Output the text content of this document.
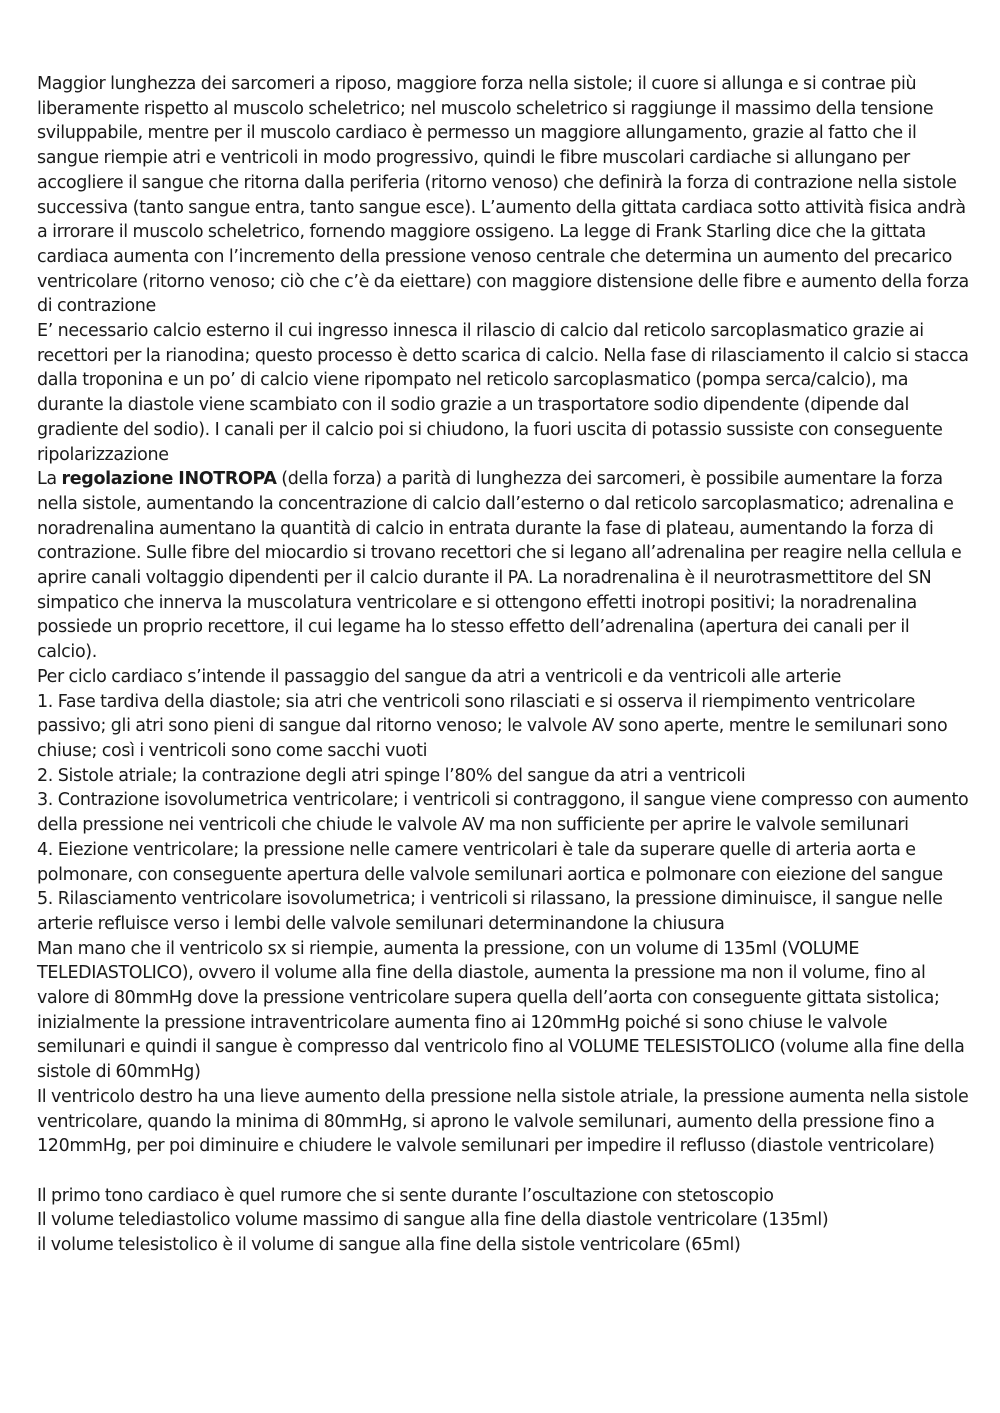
Maggior lunghezza dei sarcomeri a riposo, maggiore forza nella sistole; il cuore si allunga e si contrae più liberamente rispetto al muscolo scheletrico; nel muscolo scheletrico si raggiunge il massimo della tensione sviluppabile, mentre per il muscolo cardiaco è permesso un maggiore allungamento, grazie al fatto che il sangue riempie atri e ventricoli in modo progressivo, quindi le fibre muscolari cardiache si allungano per accogliere il sangue che ritorna dalla periferia (ritorno venoso) che definirà la forza di contrazione nella sistole successiva (tanto sangue entra, tanto sangue esce). L’aumento della gittata cardiaca sotto attività fisica andrà a irrorare il muscolo scheletrico, fornendo maggiore ossigeno. La legge di Frank Starling dice che la gittata cardiaca aumenta con l’incremento della pressione venoso centrale che determina un aumento del precarico ventricolare (ritorno venoso; ciò che c’è da eiettare) con maggiore distensione delle fibre e aumento della forza di contrazione

E’ necessario calcio esterno il cui ingresso innesca il rilascio di calcio dal reticolo sarcoplasmatico grazie ai recettori per la rianodina; questo processo è detto scarica di calcio. Nella fase di rilasciamento il calcio si stacca dalla troponina e un po’ di calcio viene ripompato nel reticolo sarcoplasmatico (pompa serca/calcio), ma durante la diastole viene scambiato con il sodio grazie a un trasportatore sodio dipendente (dipende dal gradiente del sodio). I canali per il calcio poi si chiudono, la fuori uscita di potassio sussiste con conseguente ripolarizzazione

La regolazione INOTROPA (della forza) a parità di lunghezza dei sarcomeri, è possibile aumentare la forza nella sistole, aumentando la concentrazione di calcio dall’esterno o dal reticolo sarcoplasmatico; adrenalina e noradrenalina aumentano la quantità di calcio in entrata durante la fase di plateau, aumentando la forza di contrazione. Sulle fibre del miocardio si trovano recettori che si legano all’adrenalina per reagire nella cellula e aprire canali voltaggio dipendenti per il calcio durante il PA. La noradrenalina è il neurotrasmettitore del SN simpatico che innerva la muscolatura ventricolare e si ottengono effetti inotropi positivi; la noradrenalina possiede un proprio recettore, il cui legame ha lo stesso effetto dell’adrenalina (apertura dei canali per il calcio).

Per ciclo cardiaco s’intende il passaggio del sangue da atri a ventricoli e da ventricoli alle arterie

1. Fase tardiva della diastole; sia atri che ventricoli sono rilasciati e si osserva il riempimento ventricolare passivo; gli atri sono pieni di sangue dal ritorno venoso; le valvole AV sono aperte, mentre le semilunari sono chiuse; così i ventricoli sono come sacchi vuoti

2. Sistole atriale; la contrazione degli atri spinge l’80% del sangue da atri a ventricoli

3. Contrazione isovolumetrica ventricolare; i ventricoli si contraggono, il sangue viene compresso con aumento della pressione nei ventricoli che chiude le valvole AV ma non sufficiente per aprire le valvole semilunari

4. Eiezione ventricolare; la pressione nelle camere ventricolari è tale da superare quelle di arteria aorta e polmonare, con conseguente apertura delle valvole semilunari aortica e polmonare con eiezione del sangue

5. Rilasciamento ventricolare isovolumetrica; i ventricoli si rilassano, la pressione diminuisce, il sangue nelle arterie refluisce verso i lembi delle valvole semilunari determinandone la chiusura

Man mano che il ventricolo sx si riempie, aumenta la pressione, con un volume di 135ml (VOLUME TELEDIASTOLICO), ovvero il volume alla fine della diastole, aumenta la pressione ma non il volume, fino al valore di 80mmHg dove la pressione ventricolare supera quella dell’aorta con conseguente gittata sistolica; inizialmente la pressione intraventricolare aumenta fino ai 120mmHg poiché si sono chiuse le valvole semilunari e quindi il sangue è compresso dal ventricolo fino al VOLUME TELESISTOLICO (volume alla fine della sistole di 60mmHg)

Il ventricolo destro ha una lieve aumento della pressione nella sistole atriale, la pressione aumenta nella sistole ventricolare, quando la minima di 80mmHg, si aprono le valvole semilunari, aumento della pressione fino a 120mmHg, per poi diminuire e chiudere le valvole semilunari per impedire il reflusso (diastole ventricolare)

Il primo tono cardiaco è quel rumore che si sente durante l’oscultazione con stetoscopio

Il volume telediastolico volume massimo di sangue alla fine della diastole ventricolare (135ml)

il volume telesistolico è il volume di sangue alla fine della sistole ventricolare (65ml)
